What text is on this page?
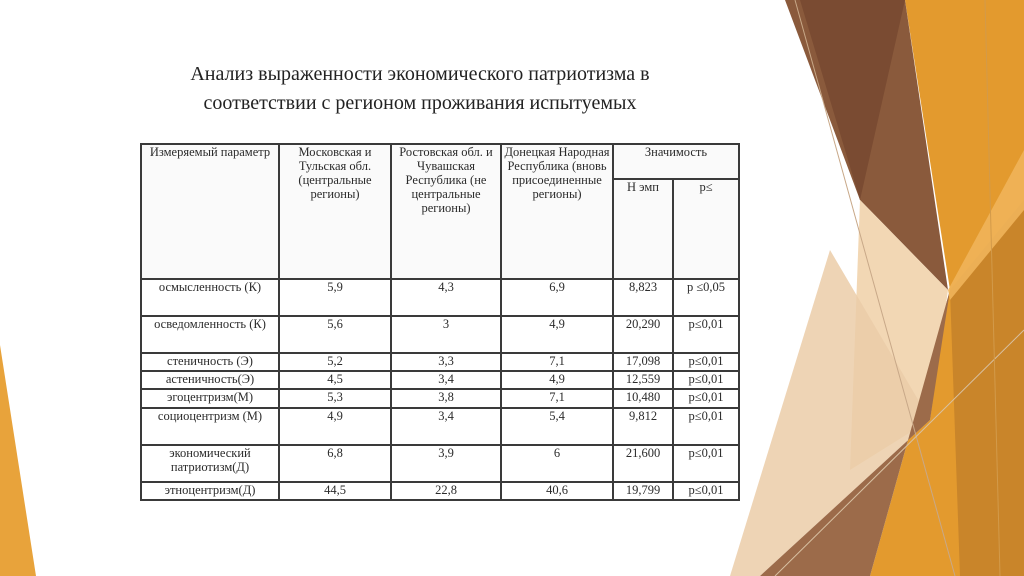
Анализ выраженности экономического патриотизма в
соответствии с регионом проживания испытуемых
Измеряемый параметр	Московская и Тульская обл. (центральные регионы)	Ростовская обл. и Чувашская Республика (не центральные регионы)	Донецкая Народная Республика (вновь присоединенные регионы)	Значимость	
				Н эмп	p≤
осмысленность (К)	5,9	4,3	6,9	8,823	p ≤0,05
осведомленность (К)	5,6	3	4,9	20,290	p≤0,01
стеничность (Э)	5,2	3,3	7,1	17,098	p≤0,01
астеничность(Э)	4,5	3,4	4,9	12,559	p≤0,01
эгоцентризм(М)	5,3	3,8	7,1	10,480	p≤0,01
социоцентризм (М)	4,9	3,4	5,4	9,812	p≤0,01
экономический патриотизм(Д)	6,8	3,9	6	21,600	p≤0,01
этноцентризм(Д)	44,5	22,8	40,6	19,799	p≤0,01
